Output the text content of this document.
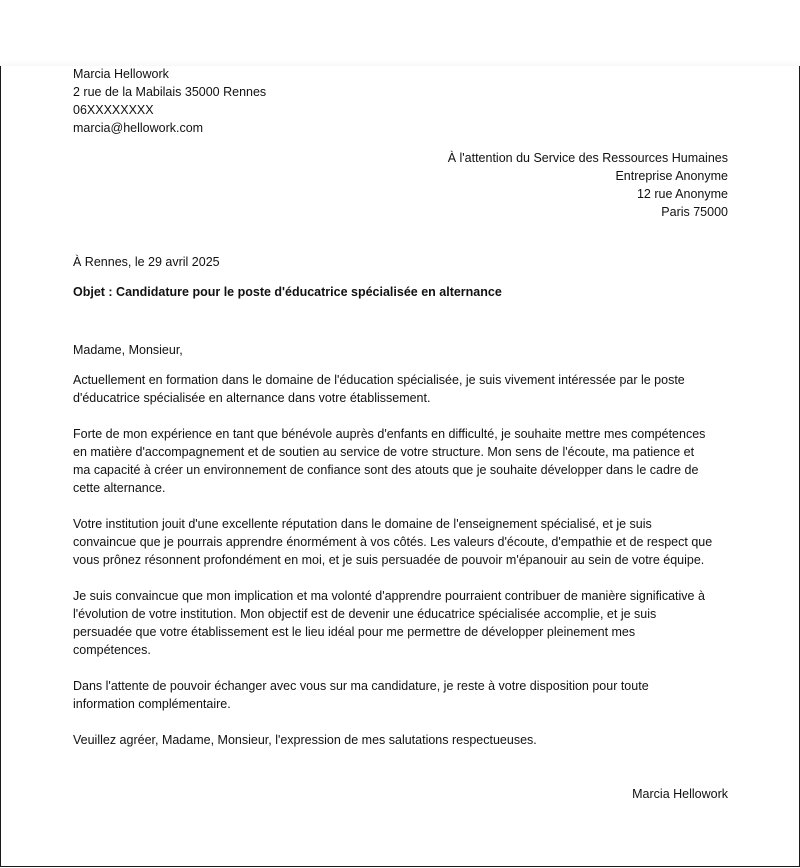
Marcia Hellowork
2 rue de la Mabilais 35000 Rennes
06XXXXXXXX
marcia@hellowork.com
À l'attention du Service des Ressources Humaines
Entreprise Anonyme
12 rue Anonyme
Paris 75000
À Rennes, le 29 avril 2025
Objet : Candidature pour le poste d'éducatrice spécialisée en alternance
Madame, Monsieur,
Actuellement en formation dans le domaine de l'éducation spécialisée, je suis vivement intéressée par le poste
d'éducatrice spécialisée en alternance dans votre établissement.
Forte de mon expérience en tant que bénévole auprès d'enfants en difficulté, je souhaite mettre mes compétences
en matière d'accompagnement et de soutien au service de votre structure. Mon sens de l'écoute, ma patience et
ma capacité à créer un environnement de confiance sont des atouts que je souhaite développer dans le cadre de
cette alternance.
Votre institution jouit d'une excellente réputation dans le domaine de l'enseignement spécialisé, et je suis
convaincue que je pourrais apprendre énormément à vos côtés. Les valeurs d'écoute, d'empathie et de respect que
vous prônez résonnent profondément en moi, et je suis persuadée de pouvoir m'épanouir au sein de votre équipe.
Je suis convaincue que mon implication et ma volonté d'apprendre pourraient contribuer de manière significative à
l'évolution de votre institution. Mon objectif est de devenir une éducatrice spécialisée accomplie, et je suis
persuadée que votre établissement est le lieu idéal pour me permettre de développer pleinement mes
compétences.
Dans l'attente de pouvoir échanger avec vous sur ma candidature, je reste à votre disposition pour toute
information complémentaire.
Veuillez agréer, Madame, Monsieur, l'expression de mes salutations respectueuses.
Marcia Hellowork
